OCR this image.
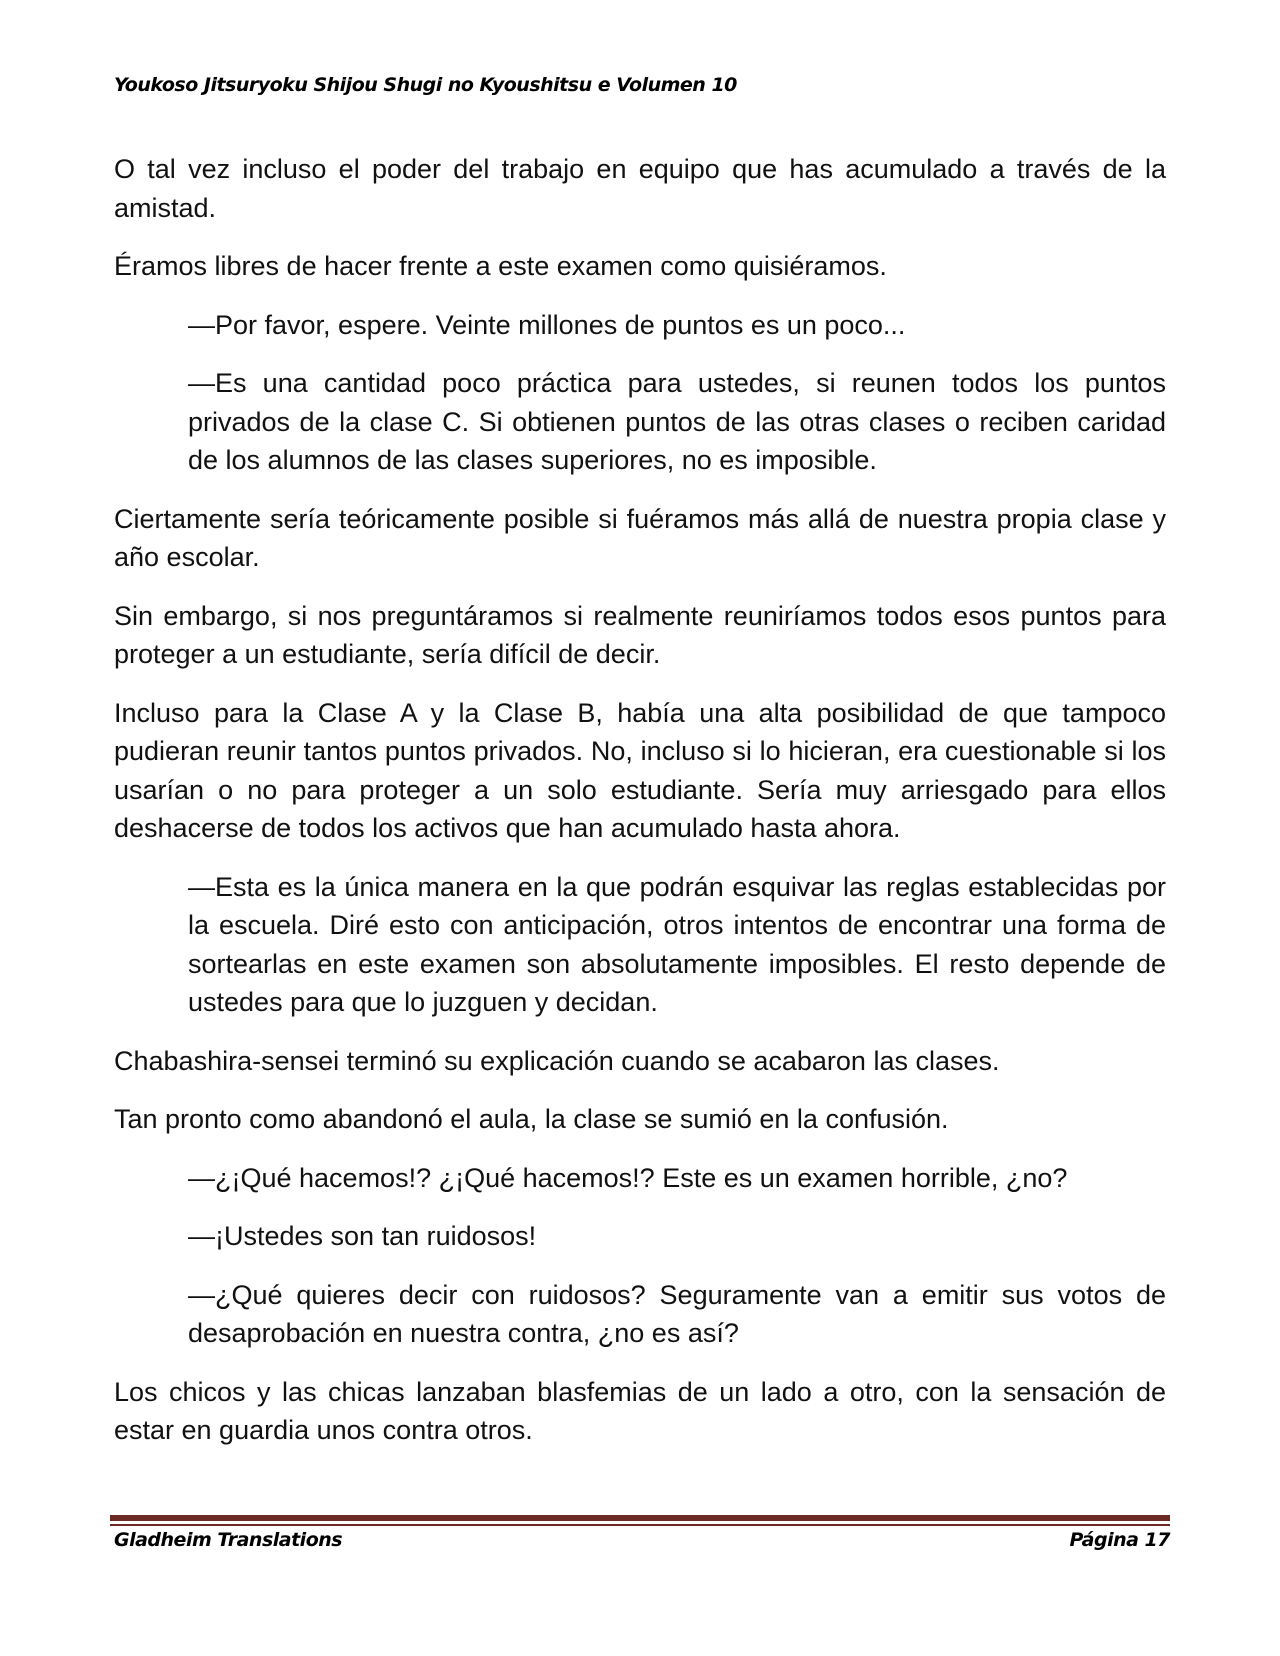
Youkoso Jitsuryoku Shijou Shugi no Kyoushitsu e Volumen 10

O tal vez incluso el poder del trabajo en equipo que has acumulado a través de la amistad.

Éramos libres de hacer frente a este examen como quisiéramos.

—Por favor, espere. Veinte millones de puntos es un poco...

—Es una cantidad poco práctica para ustedes, si reunen todos los puntos privados de la clase C. Si obtienen puntos de las otras clases o reciben caridad de los alumnos de las clases superiores, no es imposible.

Ciertamente sería teóricamente posible si fuéramos más allá de nuestra propia clase y año escolar.

Sin embargo, si nos preguntáramos si realmente reuniríamos todos esos puntos para proteger a un estudiante, sería difícil de decir.

Incluso para la Clase A y la Clase B, había una alta posibilidad de que tampoco pudieran reunir tantos puntos privados. No, incluso si lo hicieran, era cuestionable si los usarían o no para proteger a un solo estudiante. Sería muy arriesgado para ellos deshacerse de todos los activos que han acumulado hasta ahora.

—Esta es la única manera en la que podrán esquivar las reglas establecidas por la escuela. Diré esto con anticipación, otros intentos de encontrar una forma de sortearlas en este examen son absolutamente imposibles. El resto depende de ustedes para que lo juzguen y decidan.

Chabashira-sensei terminó su explicación cuando se acabaron las clases.

Tan pronto como abandonó el aula, la clase se sumió en la confusión.

—¿¡Qué hacemos!? ¿¡Qué hacemos!? Este es un examen horrible, ¿no?

—¡Ustedes son tan ruidosos!

—¿Qué quieres decir con ruidosos? Seguramente van a emitir sus votos de desaprobación en nuestra contra, ¿no es así?

Los chicos y las chicas lanzaban blasfemias de un lado a otro, con la sensación de estar en guardia unos contra otros.

Gladheim Translations	Página 17
